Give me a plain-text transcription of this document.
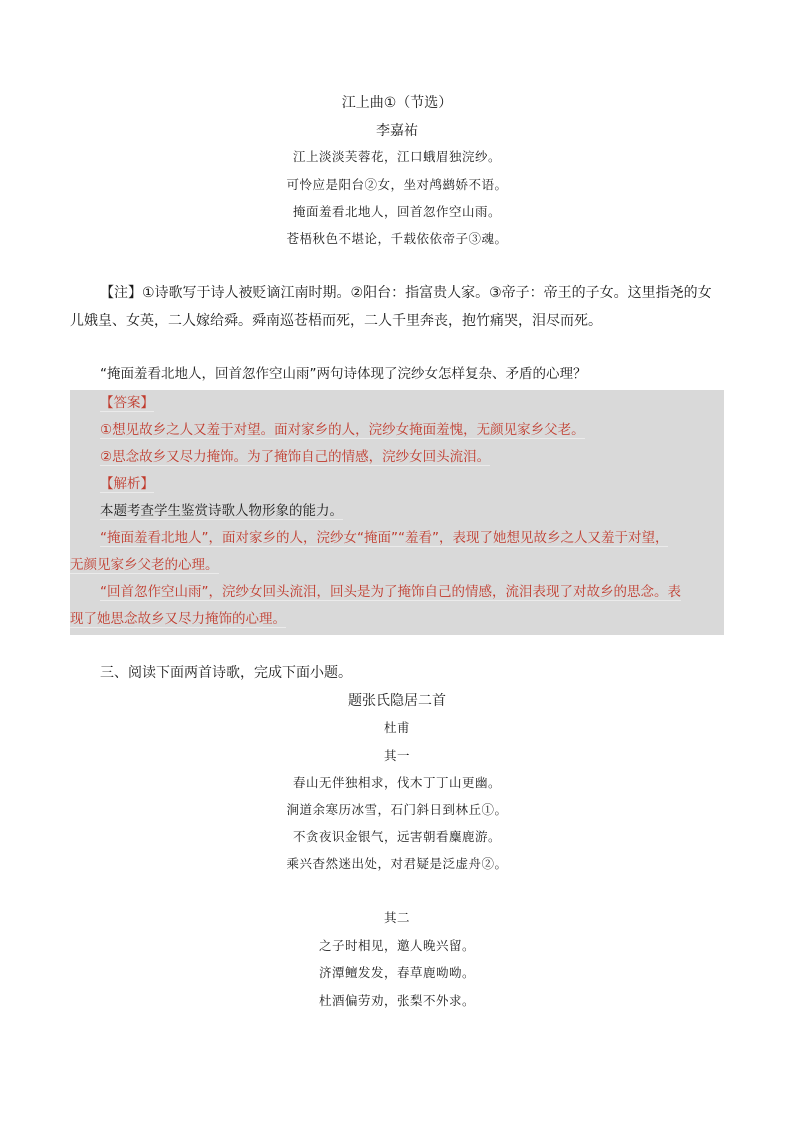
江上曲①（节选）
李嘉祐
江上淡淡芙蓉花，江口蛾眉独浣纱。
可怜应是阳台②女，坐对鸬鹚娇不语。
掩面羞看北地人，回首忽作空山雨。
苍梧秋色不堪论，千载依依帝子③魂。
【注】①诗歌写于诗人被贬谪江南时期。②阳台：指富贵人家。③帝子：帝王的子女。这里指尧的女
儿娥皇、女英，二人嫁给舜。舜南巡苍梧而死，二人千里奔丧，抱竹痛哭，泪尽而死。
“掩面羞看北地人，回首忽作空山雨”两句诗体现了浣纱女怎样复杂、矛盾的心理？
【答案】
①想见故乡之人又羞于对望。面对家乡的人，浣纱女掩面羞愧，无颜见家乡父老。
②思念故乡又尽力掩饰。为了掩饰自己的情感，浣纱女回头流泪。
【解析】
本题考查学生鉴赏诗歌人物形象的能力。
“掩面羞看北地人”，面对家乡的人，浣纱女“掩面”“羞看”，表现了她想见故乡之人又羞于对望，
无颜见家乡父老的心理。
“回首忽作空山雨”，浣纱女回头流泪，回头是为了掩饰自己的情感，流泪表现了对故乡的思念。表
现了她思念故乡又尽力掩饰的心理。
三、阅读下面两首诗歌，完成下面小题。
题张氏隐居二首
杜甫
其一
春山无伴独相求，伐木丁丁山更幽。
涧道余寒历冰雪，石门斜日到林丘①。
不贪夜识金银气，远害朝看麋鹿游。
乘兴杳然迷出处，对君疑是泛虚舟②。
其二
之子时相见，邀人晚兴留。
济潭鳣发发，春草鹿呦呦。
杜酒偏劳劝，张梨不外求。
